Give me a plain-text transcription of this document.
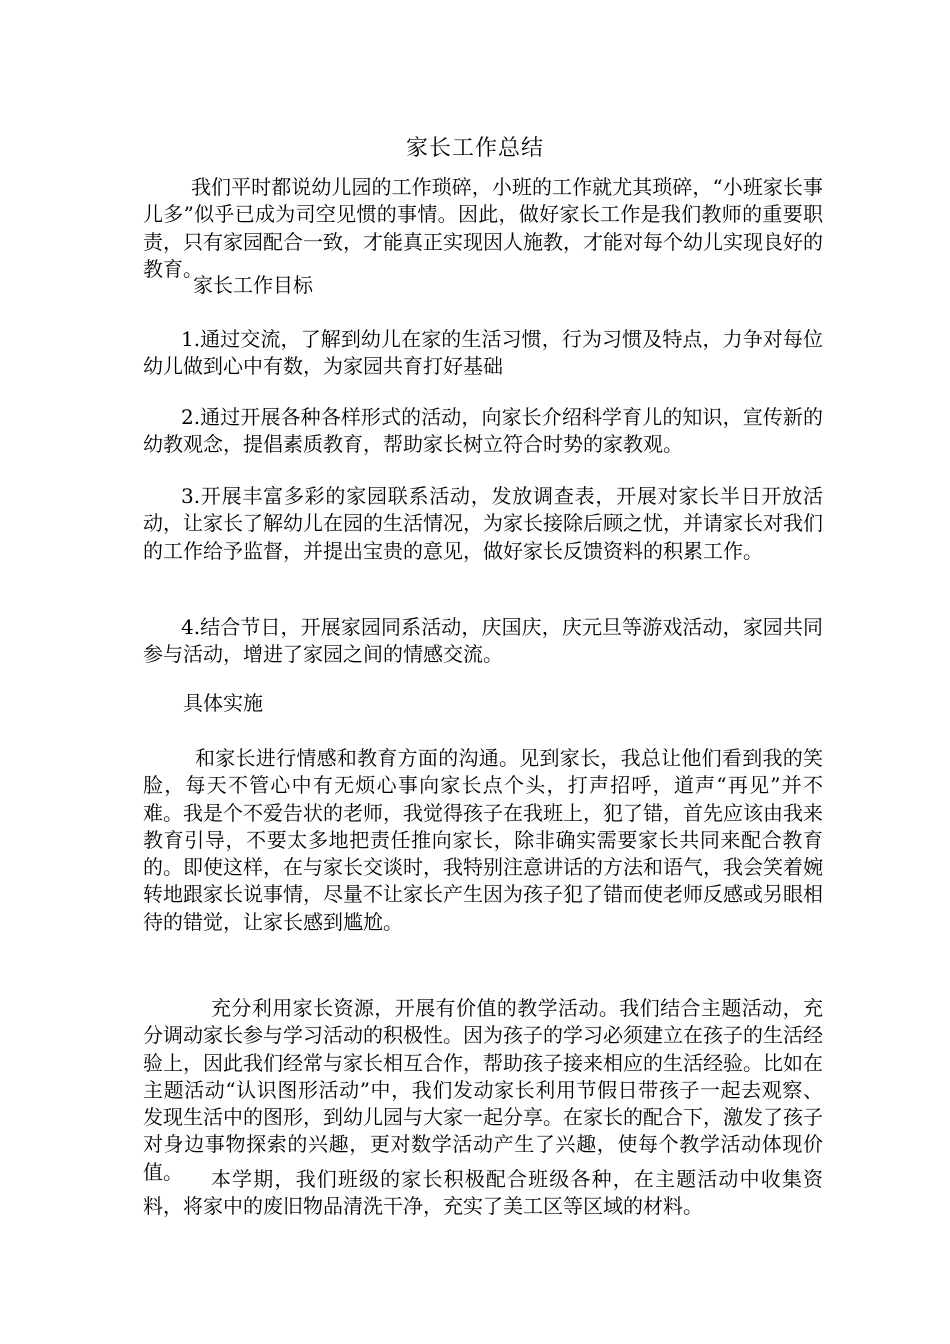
家长工作总结
我们平时都说幼儿园的工作琐碎，小班的工作就尤其琐碎，“小班家长事儿多”似乎已成为司空见惯的事情。因此，做好家长工作是我们教师的重要职责，只有家园配合一致，才能真正实现因人施教，才能对每个幼儿实现良好的教育。
家长工作目标
1.通过交流，了解到幼儿在家的生活习惯，行为习惯及特点，力争对每位幼儿做到心中有数，为家园共育打好基础
2.通过开展各种各样形式的活动，向家长介绍科学育儿的知识，宣传新的幼教观念，提倡素质教育，帮助家长树立符合时势的家教观。
3.开展丰富多彩的家园联系活动，发放调查表，开展对家长半日开放活动，让家长了解幼儿在园的生活情况，为家长接除后顾之忧，并请家长对我们的工作给予监督，并提出宝贵的意见，做好家长反馈资料的积累工作。
4.结合节日，开展家园同系活动，庆国庆，庆元旦等游戏活动，家园共同参与活动，增进了家园之间的情感交流。
具体实施
和家长进行情感和教育方面的沟通。见到家长，我总让他们看到我的笑脸，每天不管心中有无烦心事向家长点个头，打声招呼，道声“再见”并不难。我是个不爱告状的老师，我觉得孩子在我班上，犯了错，首先应该由我来教育引导，不要太多地把责任推向家长，除非确实需要家长共同来配合教育的。即使这样，在与家长交谈时，我特别注意讲话的方法和语气，我会笑着婉转地跟家长说事情，尽量不让家长产生因为孩子犯了错而使老师反感或另眼相待的错觉，让家长感到尴尬。
充分利用家长资源，开展有价值的教学活动。我们结合主题活动，充分调动家长参与学习活动的积极性。因为孩子的学习必须建立在孩子的生活经验上，因此我们经常与家长相互合作，帮助孩子接来相应的生活经验。比如在主题活动“认识图形活动”中，我们发动家长利用节假日带孩子一起去观察、发现生活中的图形，到幼儿园与大家一起分享。在家长的配合下，激发了孩子对身边事物探索的兴趣，更对数学活动产生了兴趣，使每个教学活动体现价值。	本学期，我们班级的家长积极配合班级各种，在主题活动中收集资料，将家中的废旧物品清洗干净，充实了美工区等区域的材料。
